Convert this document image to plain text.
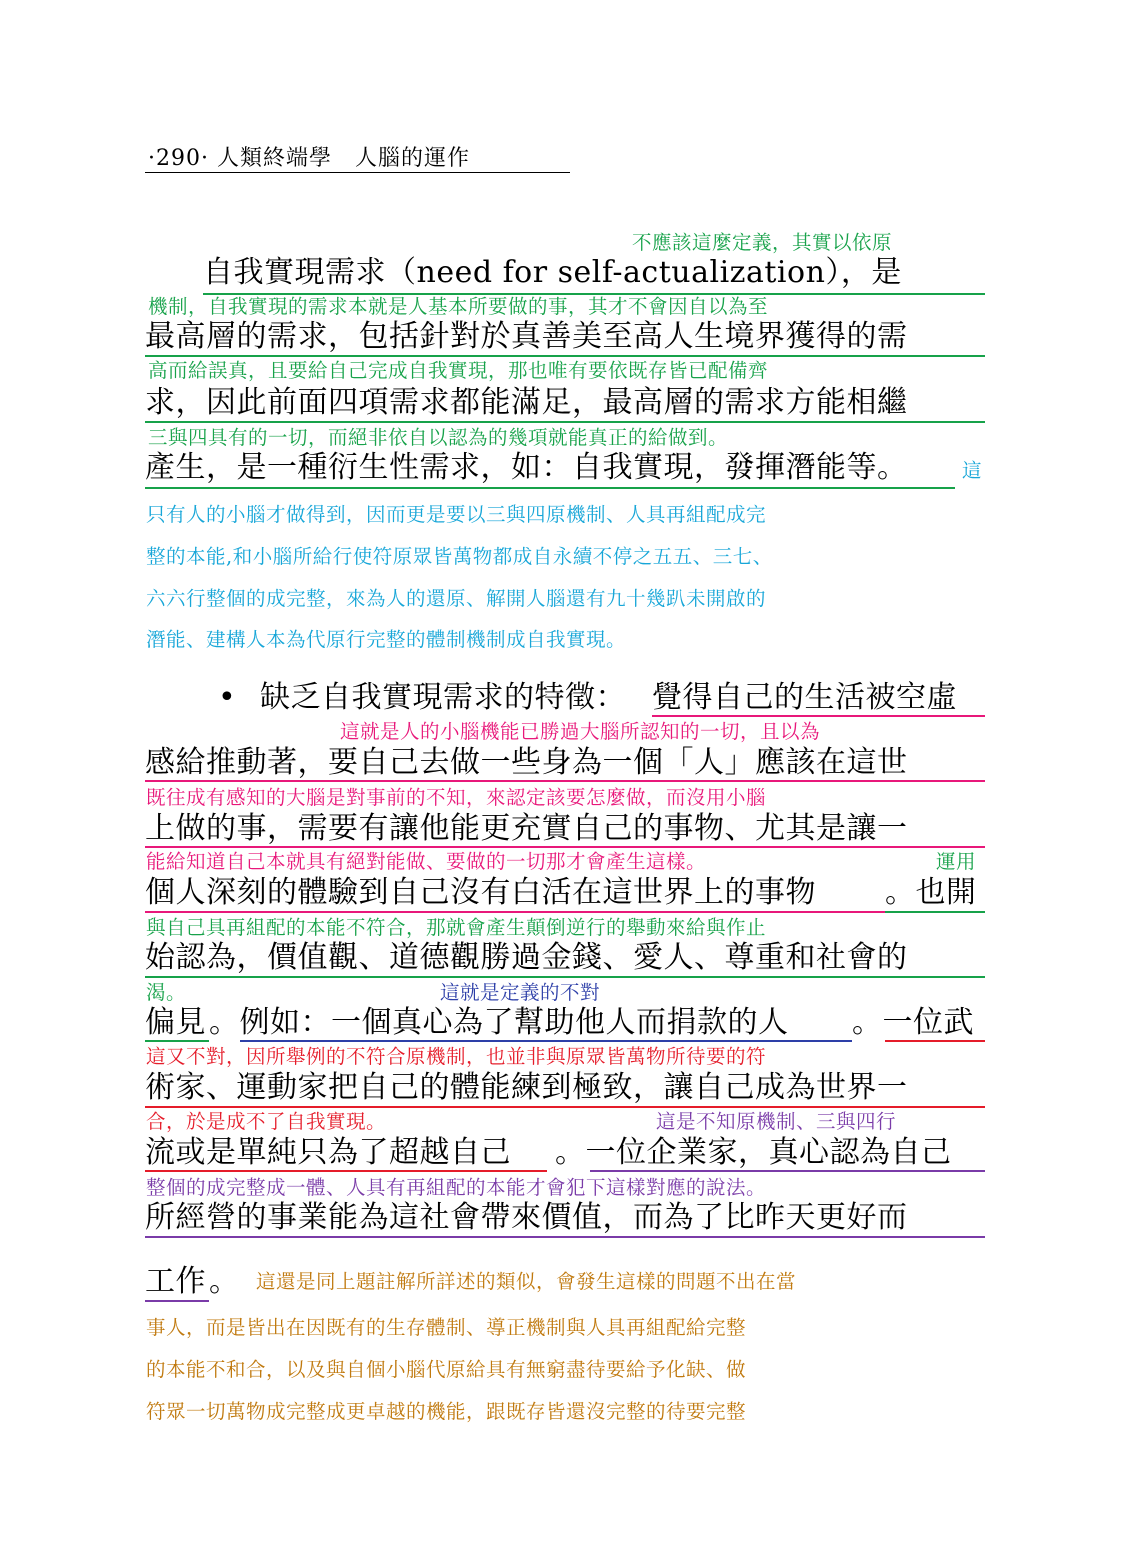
·290· 人類終端學　人腦的運作
不應該這麼定義，其實以依原
自我實現需求（need for self-actualization），是
機制，自我實現的需求本就是人基本所要做的事，其才不會因自以為至
最高層的需求，包括針對於真善美至高人生境界獲得的需
高而給誤真，且要給自己完成自我實現，那也唯有要依既存皆已配備齊
求，因此前面四項需求都能滿足，最高層的需求方能相繼
三與四具有的一切，而絕非依自以認為的幾項就能真正的給做到。
產生，是一種衍生性需求，如：自我實現，發揮潛能等。	這
只有人的小腦才做得到，因而更是要以三與四原機制、人具再組配成完
整的本能,和小腦所給行使符原眾皆萬物都成自永續不停之五五、三七、
六六行整個的成完整，來為人的還原、解開人腦還有九十幾趴未開啟的
潛能、建構人本為代原行完整的體制機制成自我實現。
• 缺乏自我實現需求的特徵： 覺得自己的生活被空虛
這就是人的小腦機能已勝過大腦所認知的一切，且以為
感給推動著，要自己去做一些身為一個「人」應該在這世
既往成有感知的大腦是對事前的不知，來認定該要怎麼做，而沒用小腦
上做的事，需要有讓他能更充實自己的事物、尤其是讓一
能給知道自己本就具有絕對能做、要做的一切那才會產生這樣。	運用
個人深刻的體驗到自己沒有白活在這世界上的事物 。也開
與自己具再組配的本能不符合，那就會產生顛倒逆行的舉動來給與作止
始認為，價值觀、道德觀勝過金錢、愛人、尊重和社會的
渴。	這就是定義的不對
偏見 。例如：一個真心為了幫助他人而捐款的人 。一位武
這又不對，因所舉例的不符合原機制，也並非與原眾皆萬物所待要的符
術家、運動家把自己的體能練到極致，讓自己成為世界一
合，於是成不了自我實現。	這是不知原機制、三與四行
流或是單純只為了超越自己 。一位企業家，真心認為自己
整個的成完整成一體、人具有再組配的本能才會犯下這樣對應的說法。
所經營的事業能為這社會帶來價值，而為了比昨天更好而
工作 。 這還是同上題註解所詳述的類似，會發生這樣的問題不出在當
事人，而是皆出在因既有的生存體制、導正機制與人具再組配給完整
的本能不和合，以及與自個小腦代原給具有無窮盡待要給予化缺、做
符眾一切萬物成完整成更卓越的機能，跟既存皆還沒完整的待要完整
